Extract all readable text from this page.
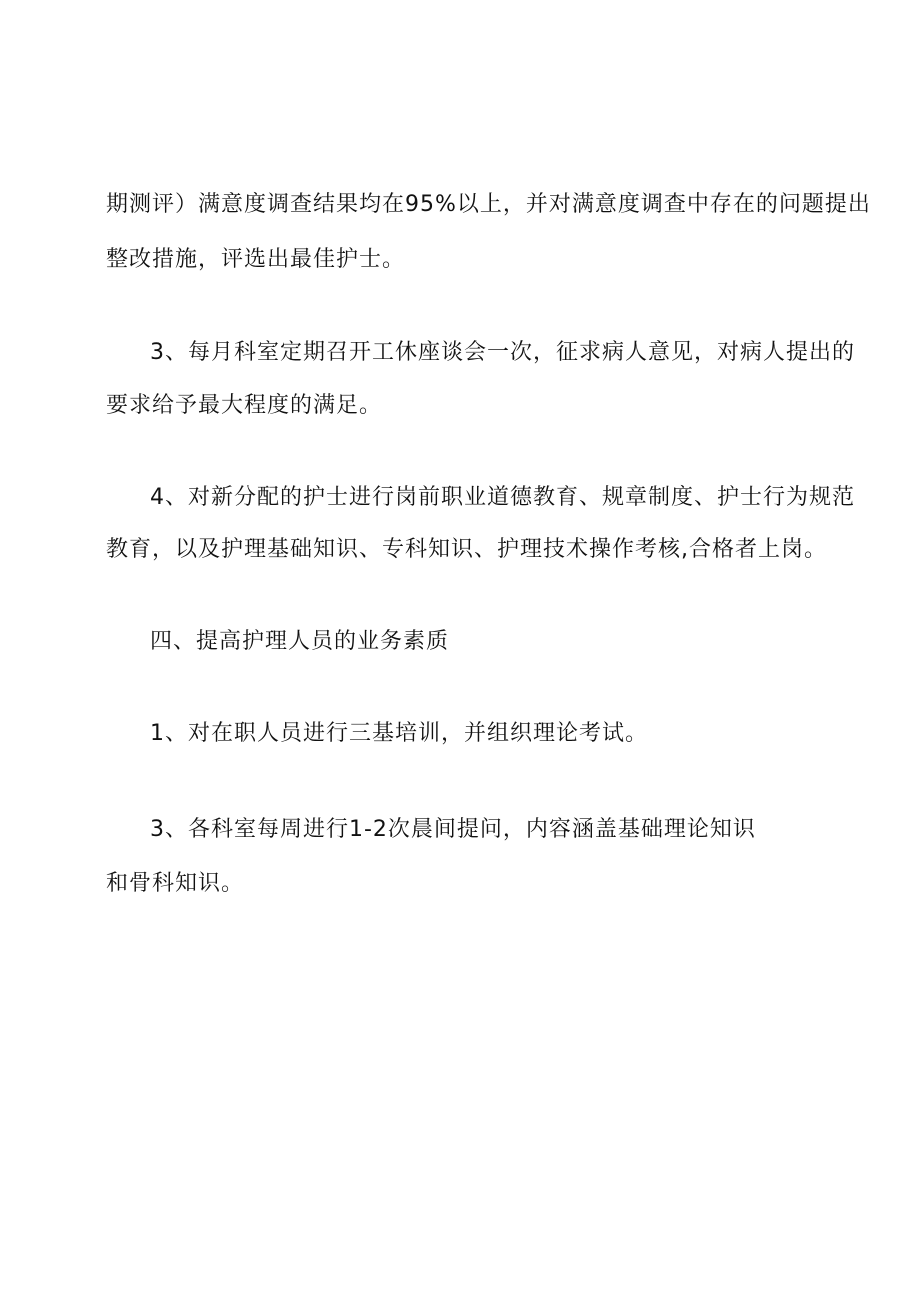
期测评）满意度调查结果均在95%以上，并对满意度调查中存在的问题提出
整改措施，评选出最佳护士。
3、每月科室定期召开工休座谈会一次，征求病人意见，对病人提出的
要求给予最大程度的满足。
4、对新分配的护士进行岗前职业道德教育、规章制度、护士行为规范
教育，以及护理基础知识、专科知识、护理技术操作考核,合格者上岗。
四、提高护理人员的业务素质
1、对在职人员进行三基培训，并组织理论考试。
3、各科室每周进行1-2次晨间提问，内容涵盖基础理论知识
和骨科知识。
